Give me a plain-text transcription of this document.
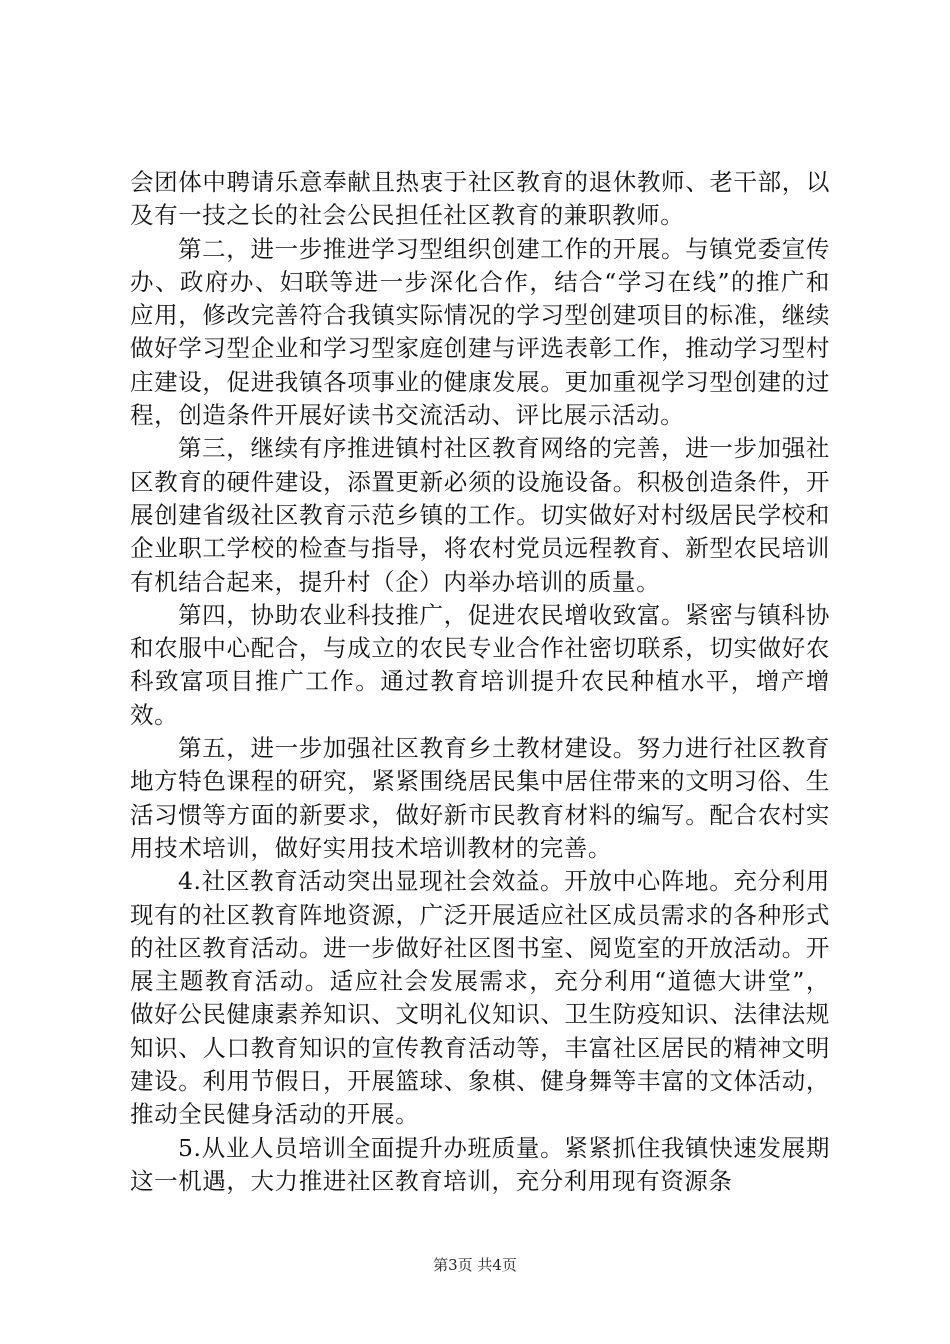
会团体中聘请乐意奉献且热衷于社区教育的退休教师、老干部，以及有一技之长的社会公民担任社区教育的兼职教师。

第二，进一步推进学习型组织创建工作的开展。与镇党委宣传办、政府办、妇联等进一步深化合作，结合“学习在线”的推广和应用，修改完善符合我镇实际情况的学习型创建项目的标准，继续做好学习型企业和学习型家庭创建与评选表彰工作，推动学习型村庄建设，促进我镇各项事业的健康发展。更加重视学习型创建的过程，创造条件开展好读书交流活动、评比展示活动。

第三，继续有序推进镇村社区教育网络的完善，进一步加强社区教育的硬件建设，添置更新必须的设施设备。积极创造条件，开展创建省级社区教育示范乡镇的工作。切实做好对村级居民学校和企业职工学校的检查与指导，将农村党员远程教育、新型农民培训有机结合起来，提升村（企）内举办培训的质量。

第四，协助农业科技推广，促进农民增收致富。紧密与镇科协和农服中心配合，与成立的农民专业合作社密切联系，切实做好农科致富项目推广工作。通过教育培训提升农民种植水平，增产增效。

第五，进一步加强社区教育乡土教材建设。努力进行社区教育地方特色课程的研究，紧紧围绕居民集中居住带来的文明习俗、生活习惯等方面的新要求，做好新市民教育材料的编写。配合农村实用技术培训，做好实用技术培训教材的完善。

4.社区教育活动突出显现社会效益。开放中心阵地。充分利用现有的社区教育阵地资源，广泛开展适应社区成员需求的各种形式的社区教育活动。进一步做好社区图书室、阅览室的开放活动。开展主题教育活动。适应社会发展需求，充分利用“道德大讲堂”，做好公民健康素养知识、文明礼仪知识、卫生防疫知识、法律法规知识、人口教育知识的宣传教育活动等，丰富社区居民的精神文明建设。利用节假日，开展篮球、象棋、健身舞等丰富的文体活动，推动全民健身活动的开展。

5.从业人员培训全面提升办班质量。紧紧抓住我镇快速发展期这一机遇，大力推进社区教育培训，充分利用现有资源条

第3页 共4页
